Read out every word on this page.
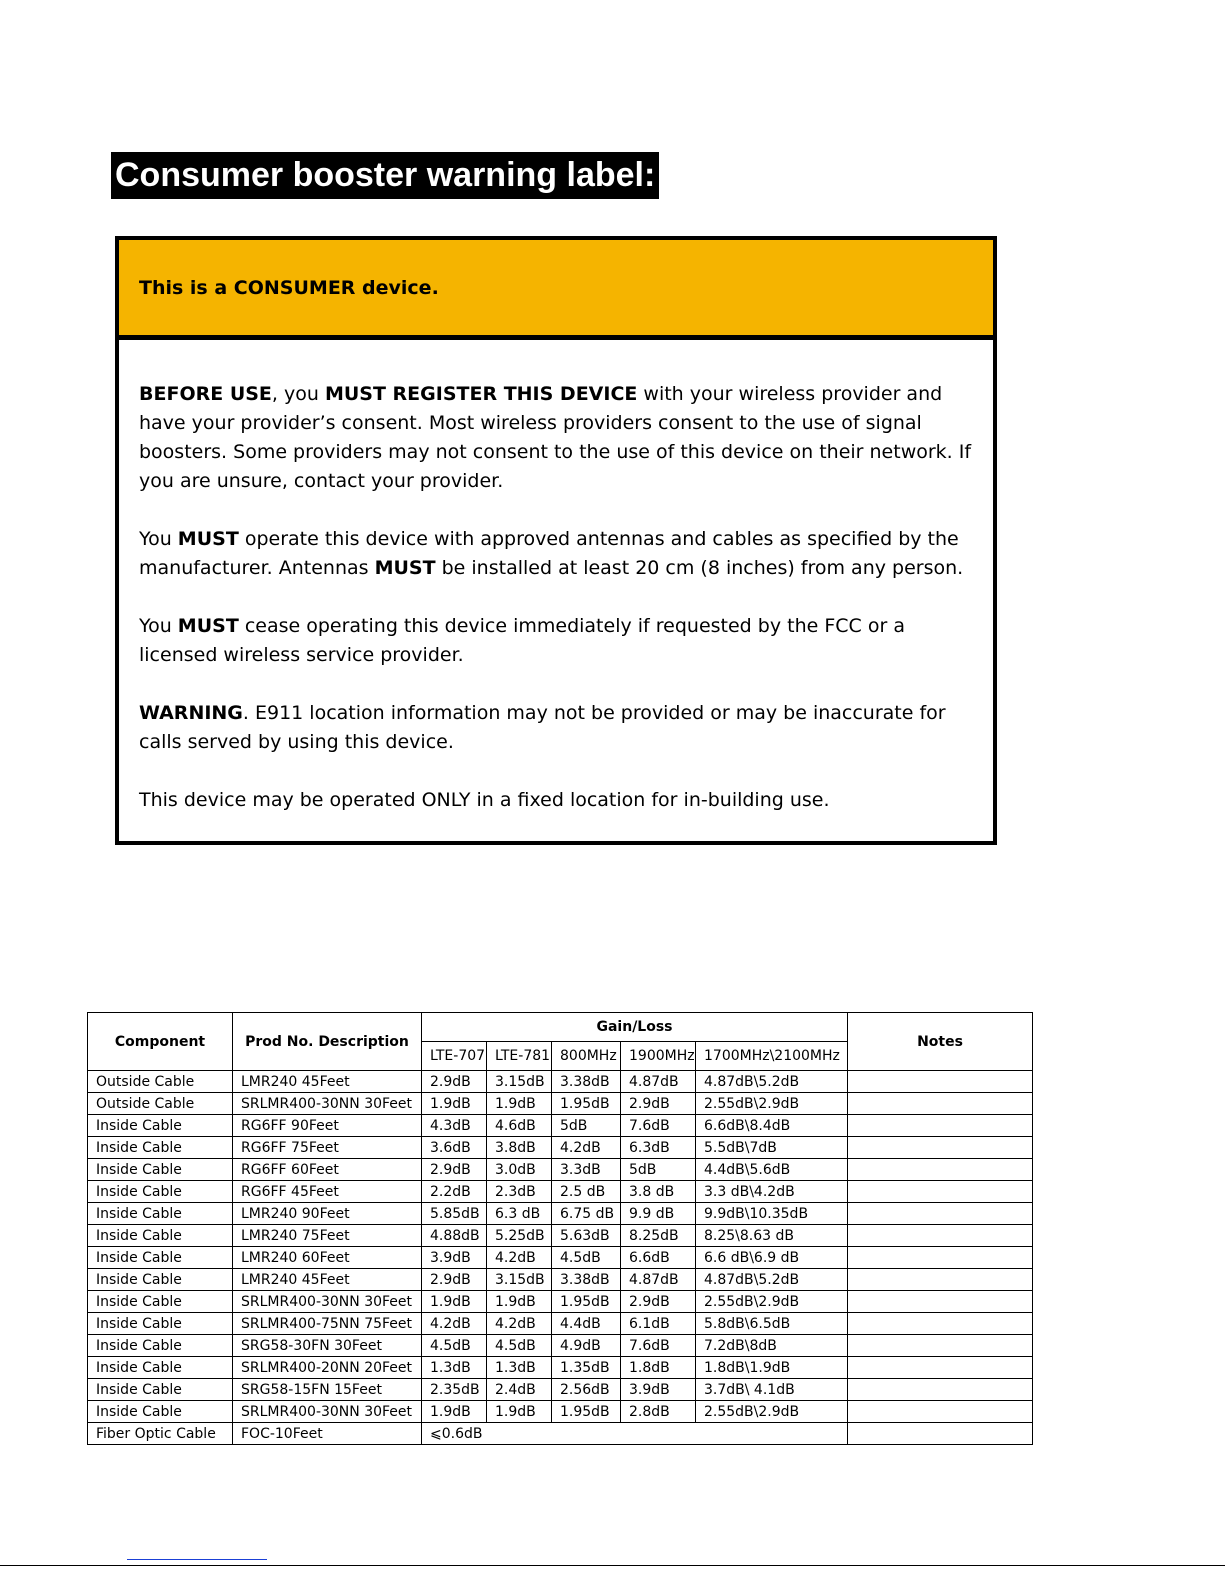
Consumer booster warning label:
This is a CONSUMER device.

BEFORE USE, you MUST REGISTER THIS DEVICE with your wireless provider and have your provider’s consent. Most wireless providers consent to the use of signal boosters. Some providers may not consent to the use of this device on their network. If you are unsure, contact your provider.

You MUST operate this device with approved antennas and cables as specified by the manufacturer. Antennas MUST be installed at least 20 cm (8 inches) from any person.

You MUST cease operating this device immediately if requested by the FCC or a licensed wireless service provider.

WARNING. E911 location information may not be provided or may be inaccurate for calls served by using this device.

This device may be operated ONLY in a fixed location for in-building use.

Component	Prod No. Description	Gain/Loss					Notes
		LTE-707	LTE-781	800MHz	1900MHz	1700MHz\2100MHz	
Outside Cable	LMR240 45Feet	2.9dB	3.15dB	3.38dB	4.87dB	4.87dB\5.2dB	
Outside Cable	SRLMR400-30NN 30Feet	1.9dB	1.9dB	1.95dB	2.9dB	2.55dB\2.9dB	
Inside Cable	RG6FF 90Feet	4.3dB	4.6dB	5dB	7.6dB	6.6dB\8.4dB	
Inside Cable	RG6FF 75Feet	3.6dB	3.8dB	4.2dB	6.3dB	5.5dB\7dB	
Inside Cable	RG6FF 60Feet	2.9dB	3.0dB	3.3dB	5dB	4.4dB\5.6dB	
Inside Cable	RG6FF 45Feet	2.2dB	2.3dB	2.5 dB	3.8 dB	3.3 dB\4.2dB	
Inside Cable	LMR240 90Feet	5.85dB	6.3 dB	6.75 dB	9.9 dB	9.9dB\10.35dB	
Inside Cable	LMR240 75Feet	4.88dB	5.25dB	5.63dB	8.25dB	8.25\8.63 dB	
Inside Cable	LMR240 60Feet	3.9dB	4.2dB	4.5dB	6.6dB	6.6 dB\6.9 dB	
Inside Cable	LMR240 45Feet	2.9dB	3.15dB	3.38dB	4.87dB	4.87dB\5.2dB	
Inside Cable	SRLMR400-30NN 30Feet	1.9dB	1.9dB	1.95dB	2.9dB	2.55dB\2.9dB	
Inside Cable	SRLMR400-75NN 75Feet	4.2dB	4.2dB	4.4dB	6.1dB	5.8dB\6.5dB	
Inside Cable	SRG58-30FN 30Feet	4.5dB	4.5dB	4.9dB	7.6dB	7.2dB\8dB	
Inside Cable	SRLMR400-20NN 20Feet	1.3dB	1.3dB	1.35dB	1.8dB	1.8dB\1.9dB	
Inside Cable	SRG58-15FN 15Feet	2.35dB	2.4dB	2.56dB	3.9dB	3.7dB\ 4.1dB	
Inside Cable	SRLMR400-30NN 30Feet	1.9dB	1.9dB	1.95dB	2.8dB	2.55dB\2.9dB	
Fiber Optic Cable	FOC-10Feet	⩽0.6dB					
